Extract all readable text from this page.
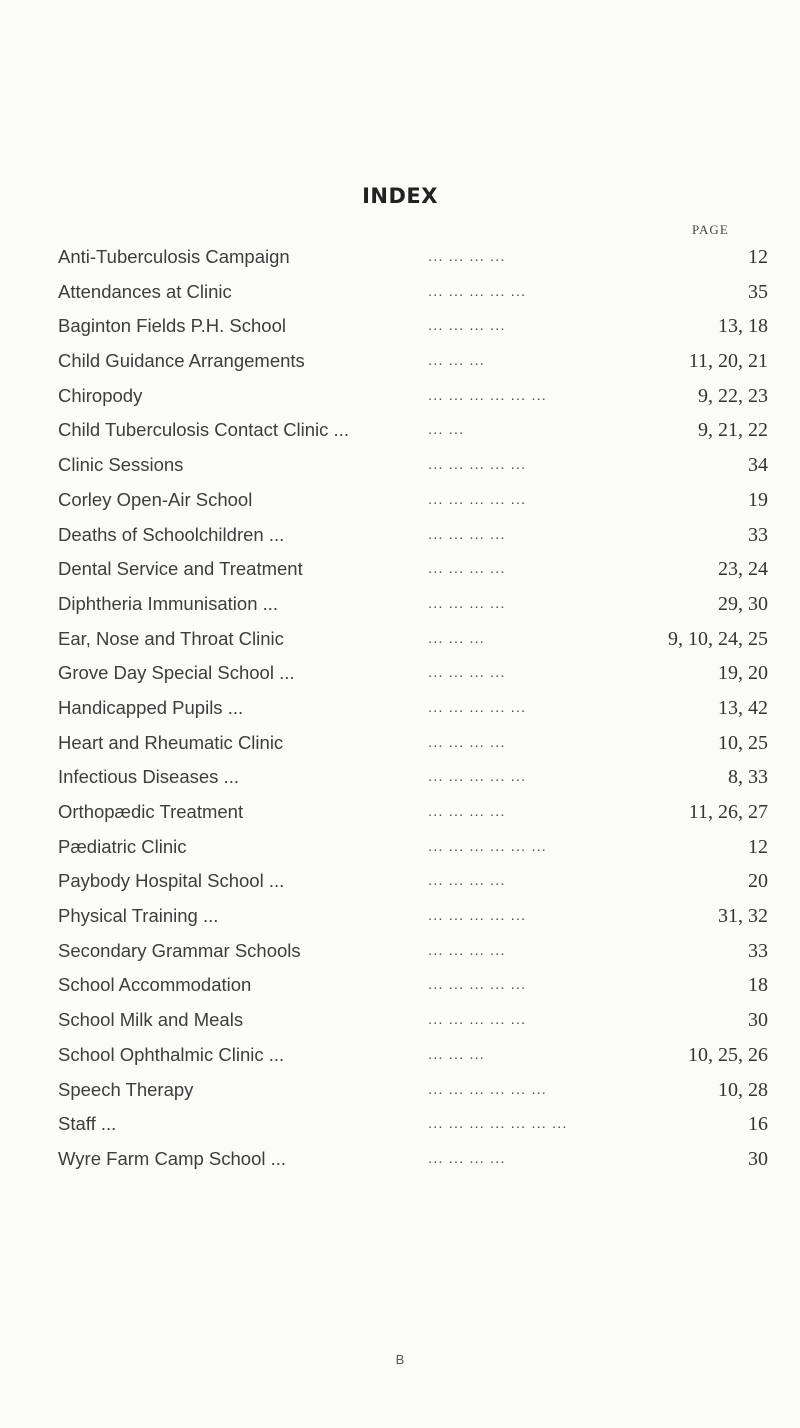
INDEX
PAGE
Anti-Tuberculosis Campaign	... ... ... ...	12
Attendances at Clinic	... ... ... ... ...	35
Baginton Fields P.H. School	... ... ... ...	13, 18
Child Guidance Arrangements	... ... ...	11, 20, 21
Chiropody	... ... ... ... ... ...	9, 22, 23
Child Tuberculosis Contact Clinic ...	... ...	9, 21, 22
Clinic Sessions	... ... ... ... ...	34
Corley Open-Air School	... ... ... ... ...	19
Deaths of Schoolchildren ...	... ... ... ...	33
Dental Service and Treatment	... ... ... ...	23, 24
Diphtheria Immunisation ...	... ... ... ...	29, 30
Ear, Nose and Throat Clinic	... ... ...	9, 10, 24, 25
Grove Day Special School ...	... ... ... ...	19, 20
Handicapped Pupils ...	... ... ... ... ...	13, 42
Heart and Rheumatic Clinic	... ... ... ...	10, 25
Infectious Diseases ...	... ... ... ... ...	8, 33
Orthopædic Treatment	... ... ... ...	11, 26, 27
Pædiatric Clinic	... ... ... ... ... ...	12
Paybody Hospital School ...	... ... ... ...	20
Physical Training ...	... ... ... ... ...	31, 32
Secondary Grammar Schools	... ... ... ...	33
School Accommodation	... ... ... ... ...	18
School Milk and Meals	... ... ... ... ...	30
School Ophthalmic Clinic ...	... ... ...	10, 25, 26
Speech Therapy	... ... ... ... ... ...	10, 28
Staff ...	... ... ... ... ... ... ...	16
Wyre Farm Camp School ...	... ... ... ...	30
B
